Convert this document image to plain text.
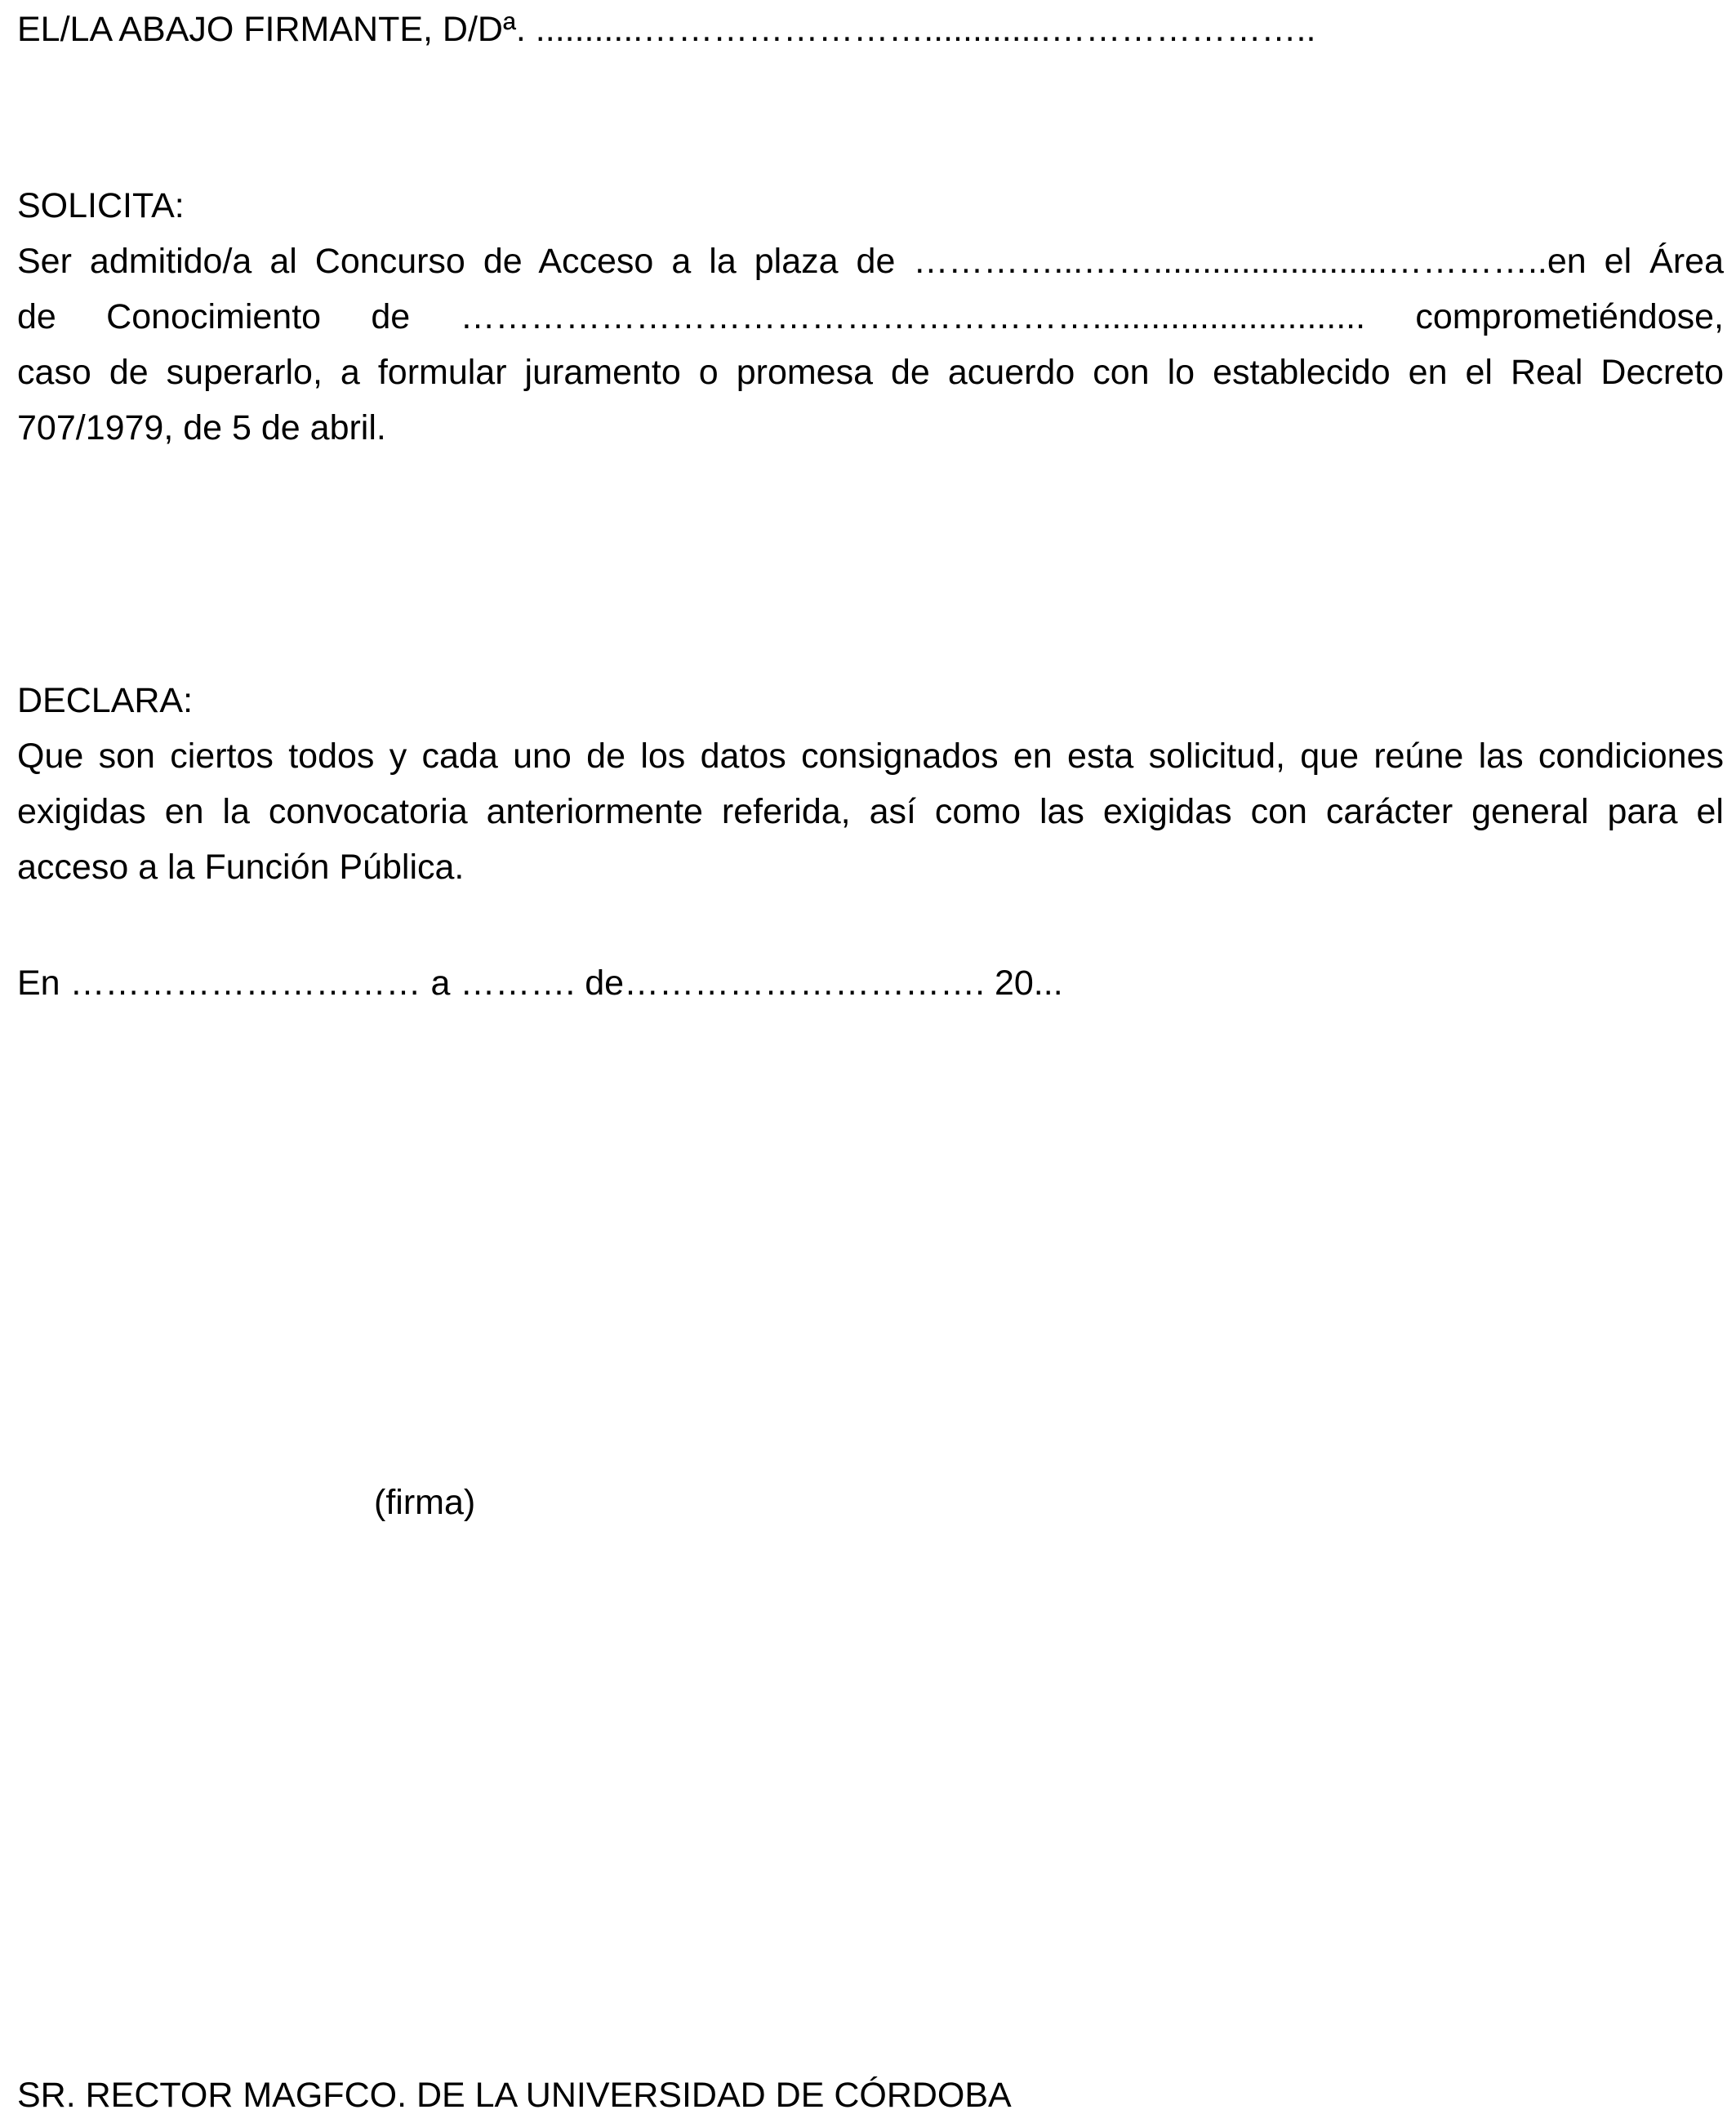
EL/LA ABAJO FIRMANTE, D/Dª. ...........…………………….............…………………..
SOLICITA:
Ser admitido/a al Concurso de Acceso a la plaza de …………...……........................…………..en el Área
de Conocimiento de ………………………………………………............................ comprometiéndose,
caso de superarlo, a formular juramento o promesa de acuerdo con lo establecido en el Real Decreto
707/1979, de 5 de abril.
DECLARA:
Que son ciertos todos y cada uno de los datos consignados en esta solicitud, que reúne las condiciones
exigidas en la convocatoria anteriormente referida, así como las exigidas con carácter general para el
acceso a la Función Pública.
En ………………………… a ………. de…………………………. 20...
(firma)
SR. RECTOR MAGFCO. DE LA UNIVERSIDAD DE CÓRDOBA
